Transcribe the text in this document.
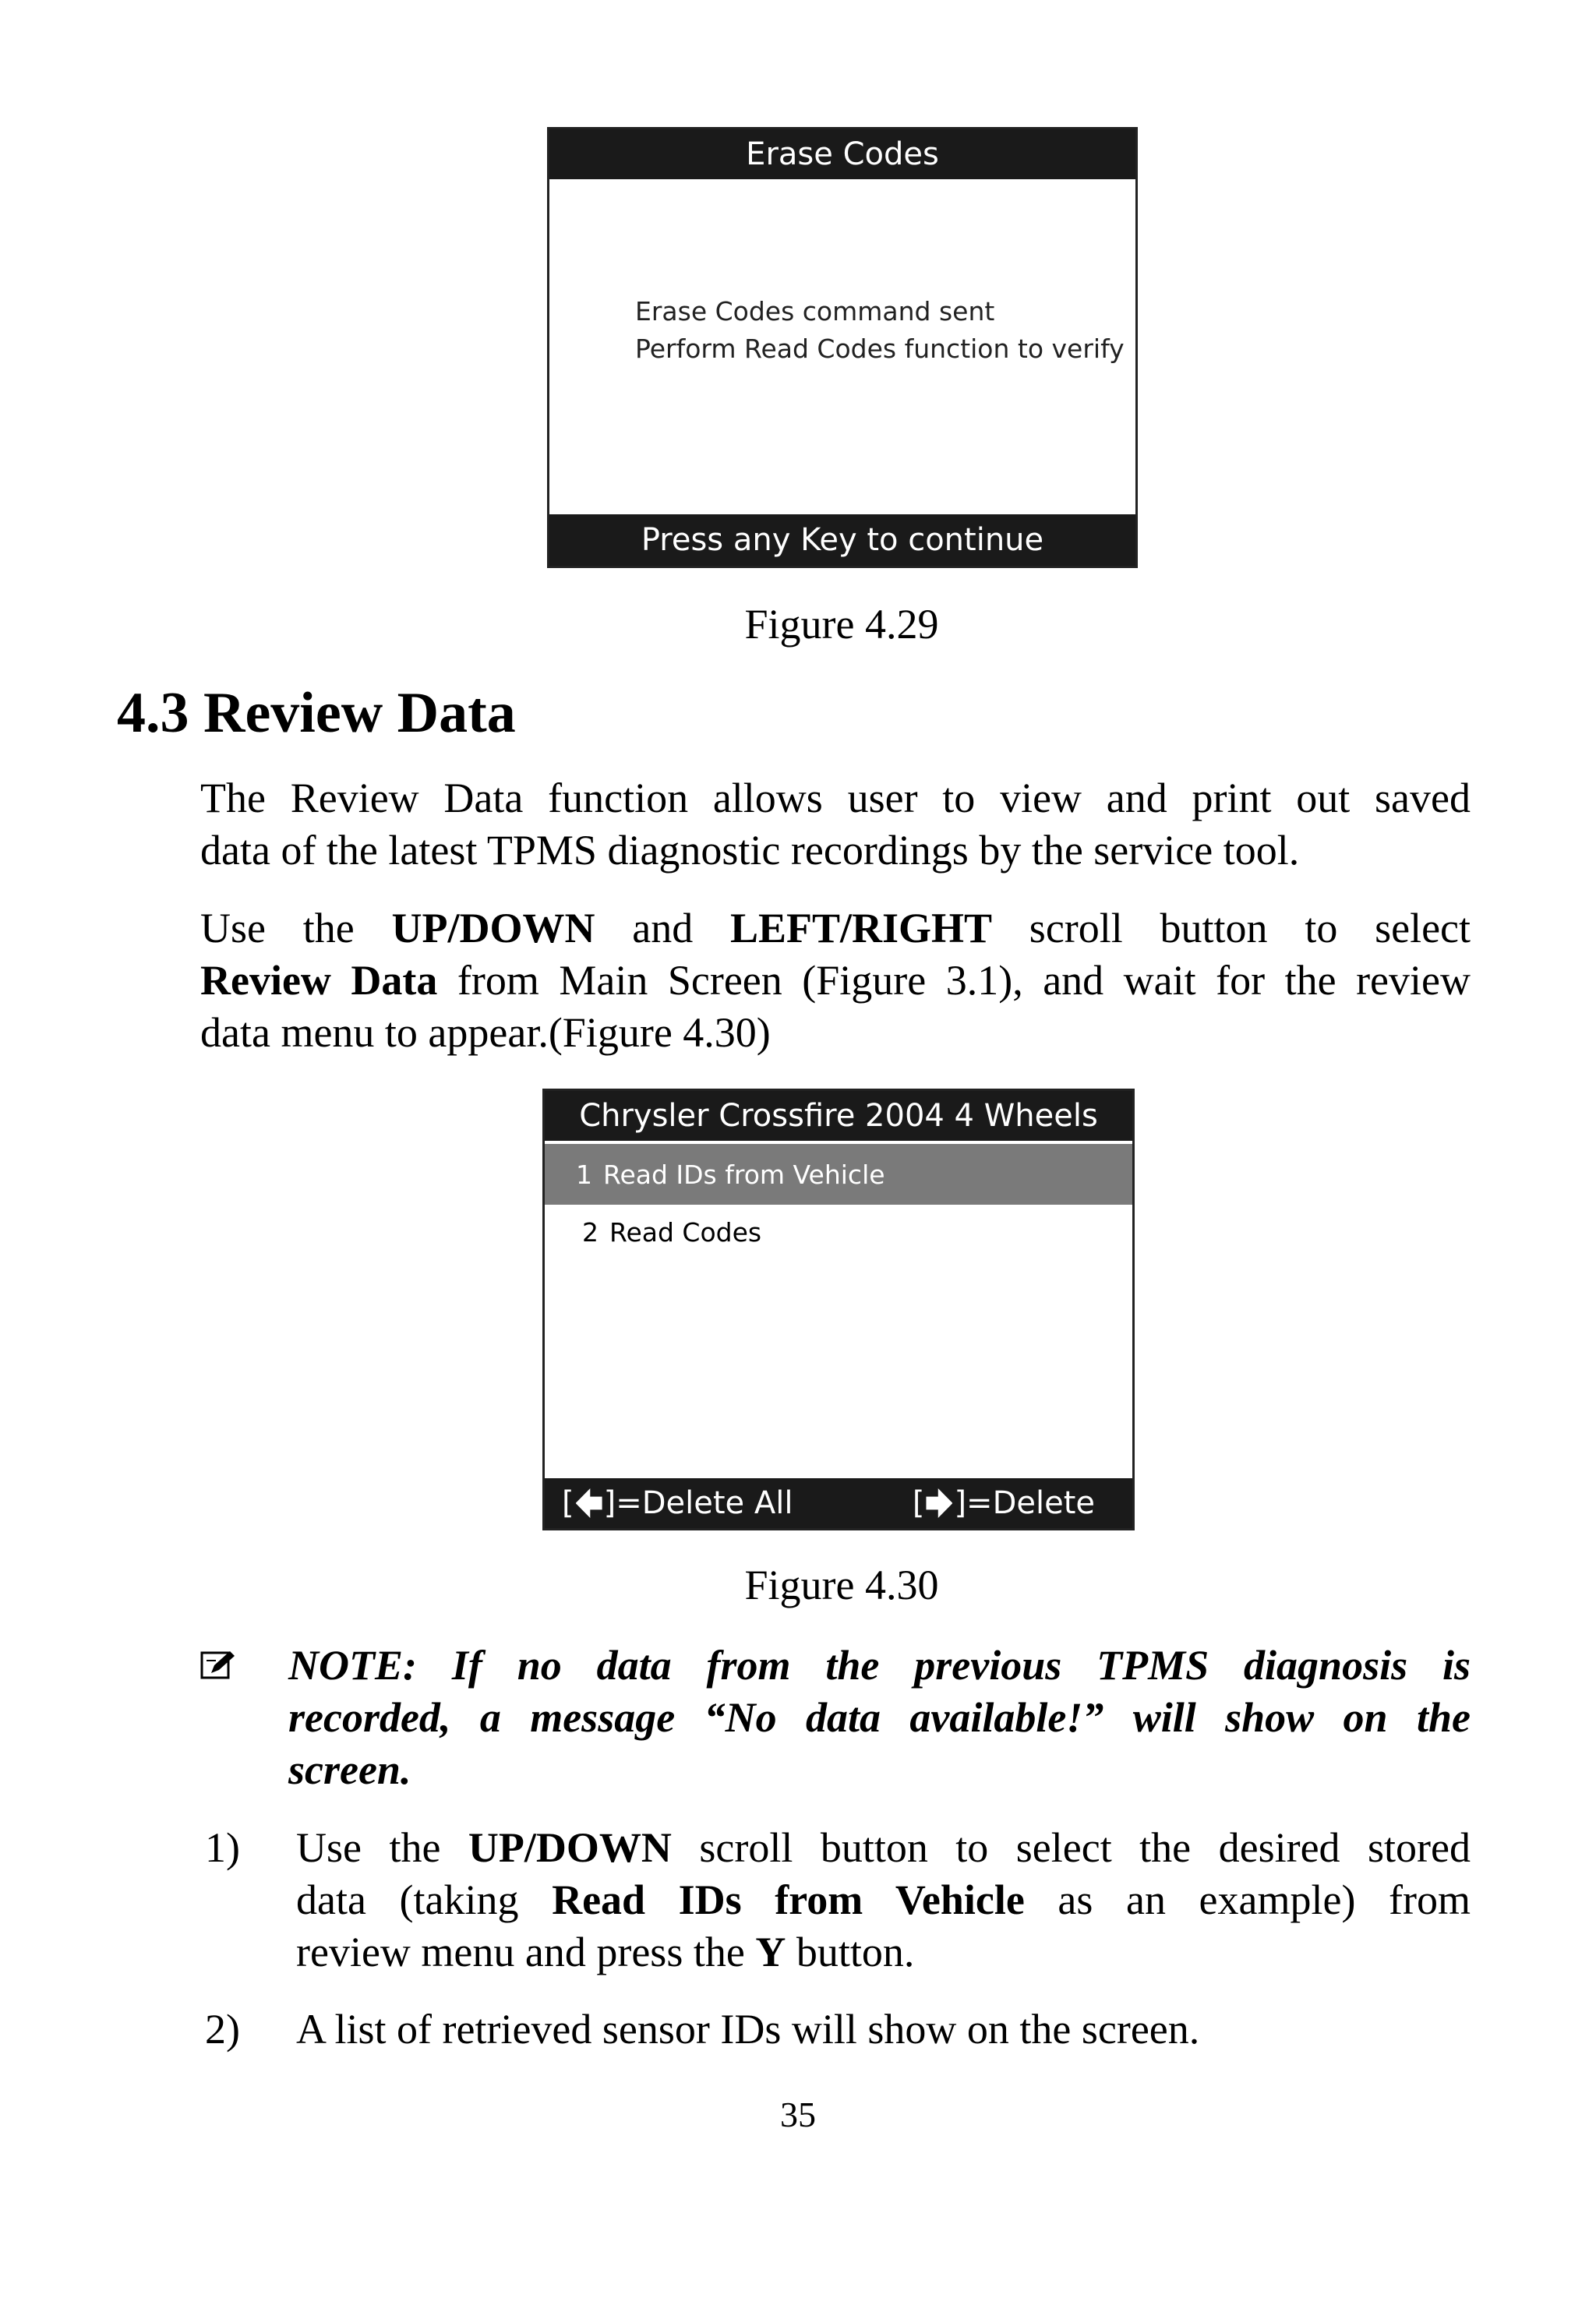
Erase Codes
Erase Codes command sent
Perform Read Codes function to verify
Press any Key to continue
Figure 4.29
4.3 Review Data
The Review Data function allows user to view and print out saved
data of the latest TPMS diagnostic recordings by the service tool.
Use the UP/DOWN and LEFT/RIGHT scroll button to select
Review Data from Main Screen (Figure 3.1), and wait for the review
data menu to appear.(Figure 4.30)
Chrysler Crossfire 2004 4 Wheels
1 Read IDs from Vehicle
2 Read Codes
[ ]=Delete All	[ ]=Delete
Figure 4.30
NOTE: If no data from the previous TPMS diagnosis is
recorded, a message “No data available!” will show on the
screen.
1) Use the UP/DOWN scroll button to select the desired stored
data (taking Read IDs from Vehicle as an example) from
review menu and press the Y button.
2) A list of retrieved sensor IDs will show on the screen.
35
